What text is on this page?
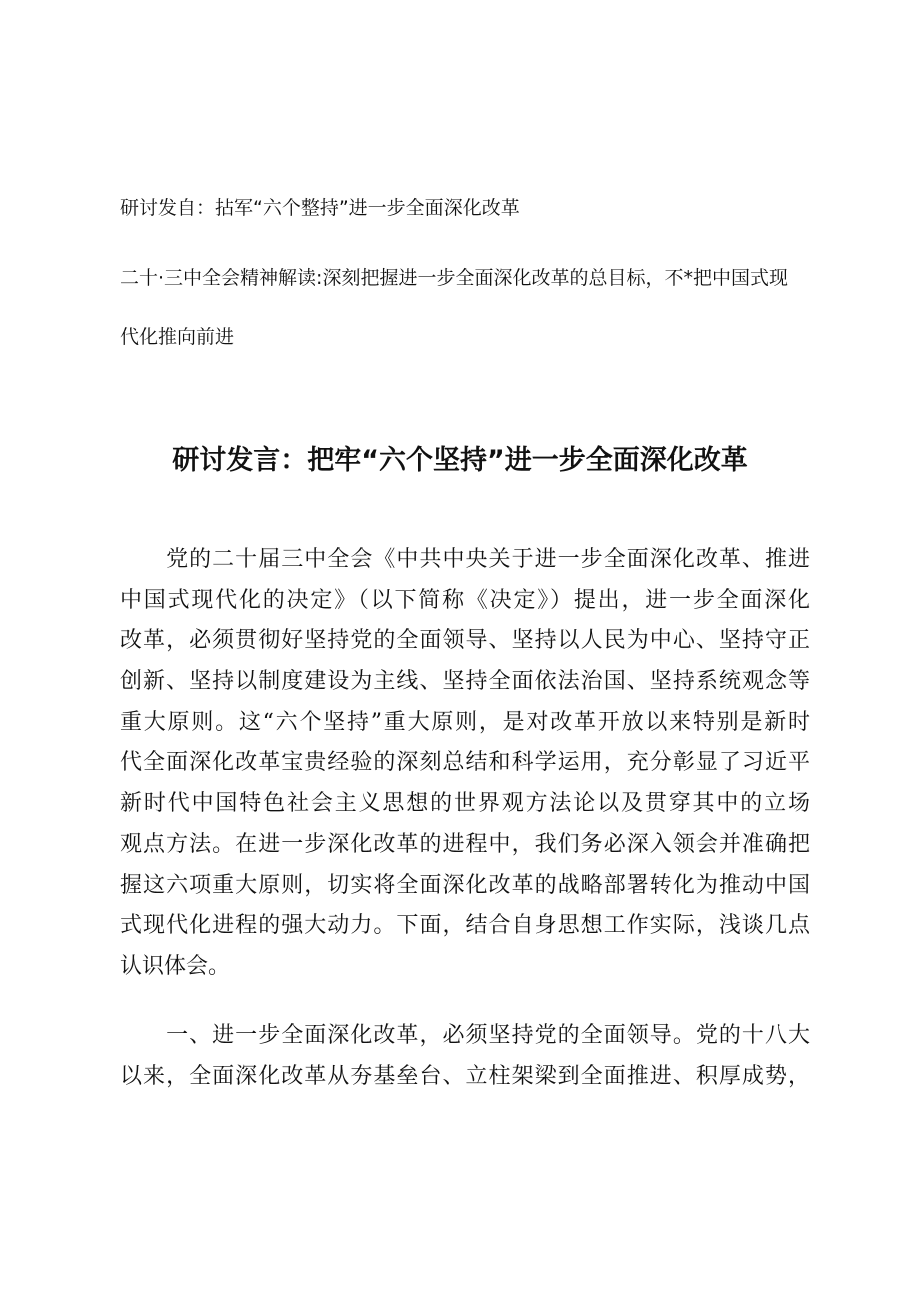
研讨发自：拈军“六个整持”进一步全面深化改革
二十·三中全会精神解读:深刻把握进一步全面深化改革的总目标，不*把中国式现
代化推向前进
研讨发言：把牢“六个坚持”进一步全面深化改革
　　党的二十届三中全会《中共中央关于进一步全面深化改革、推进
中国式现代化的决定》（以下简称《决定》）提出，进一步全面深化
改革，必须贯彻好坚持党的全面领导、坚持以人民为中心、坚持守正
创新、坚持以制度建设为主线、坚持全面依法治国、坚持系统观念等
重大原则。这“六个坚持”重大原则，是对改革开放以来特别是新时
代全面深化改革宝贵经验的深刻总结和科学运用，充分彰显了习近平
新时代中国特色社会主义思想的世界观方法论以及贯穿其中的立场
观点方法。在进一步深化改革的进程中，我们务必深入领会并准确把
握这六项重大原则，切实将全面深化改革的战略部署转化为推动中国
式现代化进程的强大动力。下面，结合自身思想工作实际，浅谈几点
认识体会。
　　一、进一步全面深化改革，必须坚持党的全面领导。党的十八大
以来，全面深化改革从夯基垒台、立柱架梁到全面推进、积厚成势，
